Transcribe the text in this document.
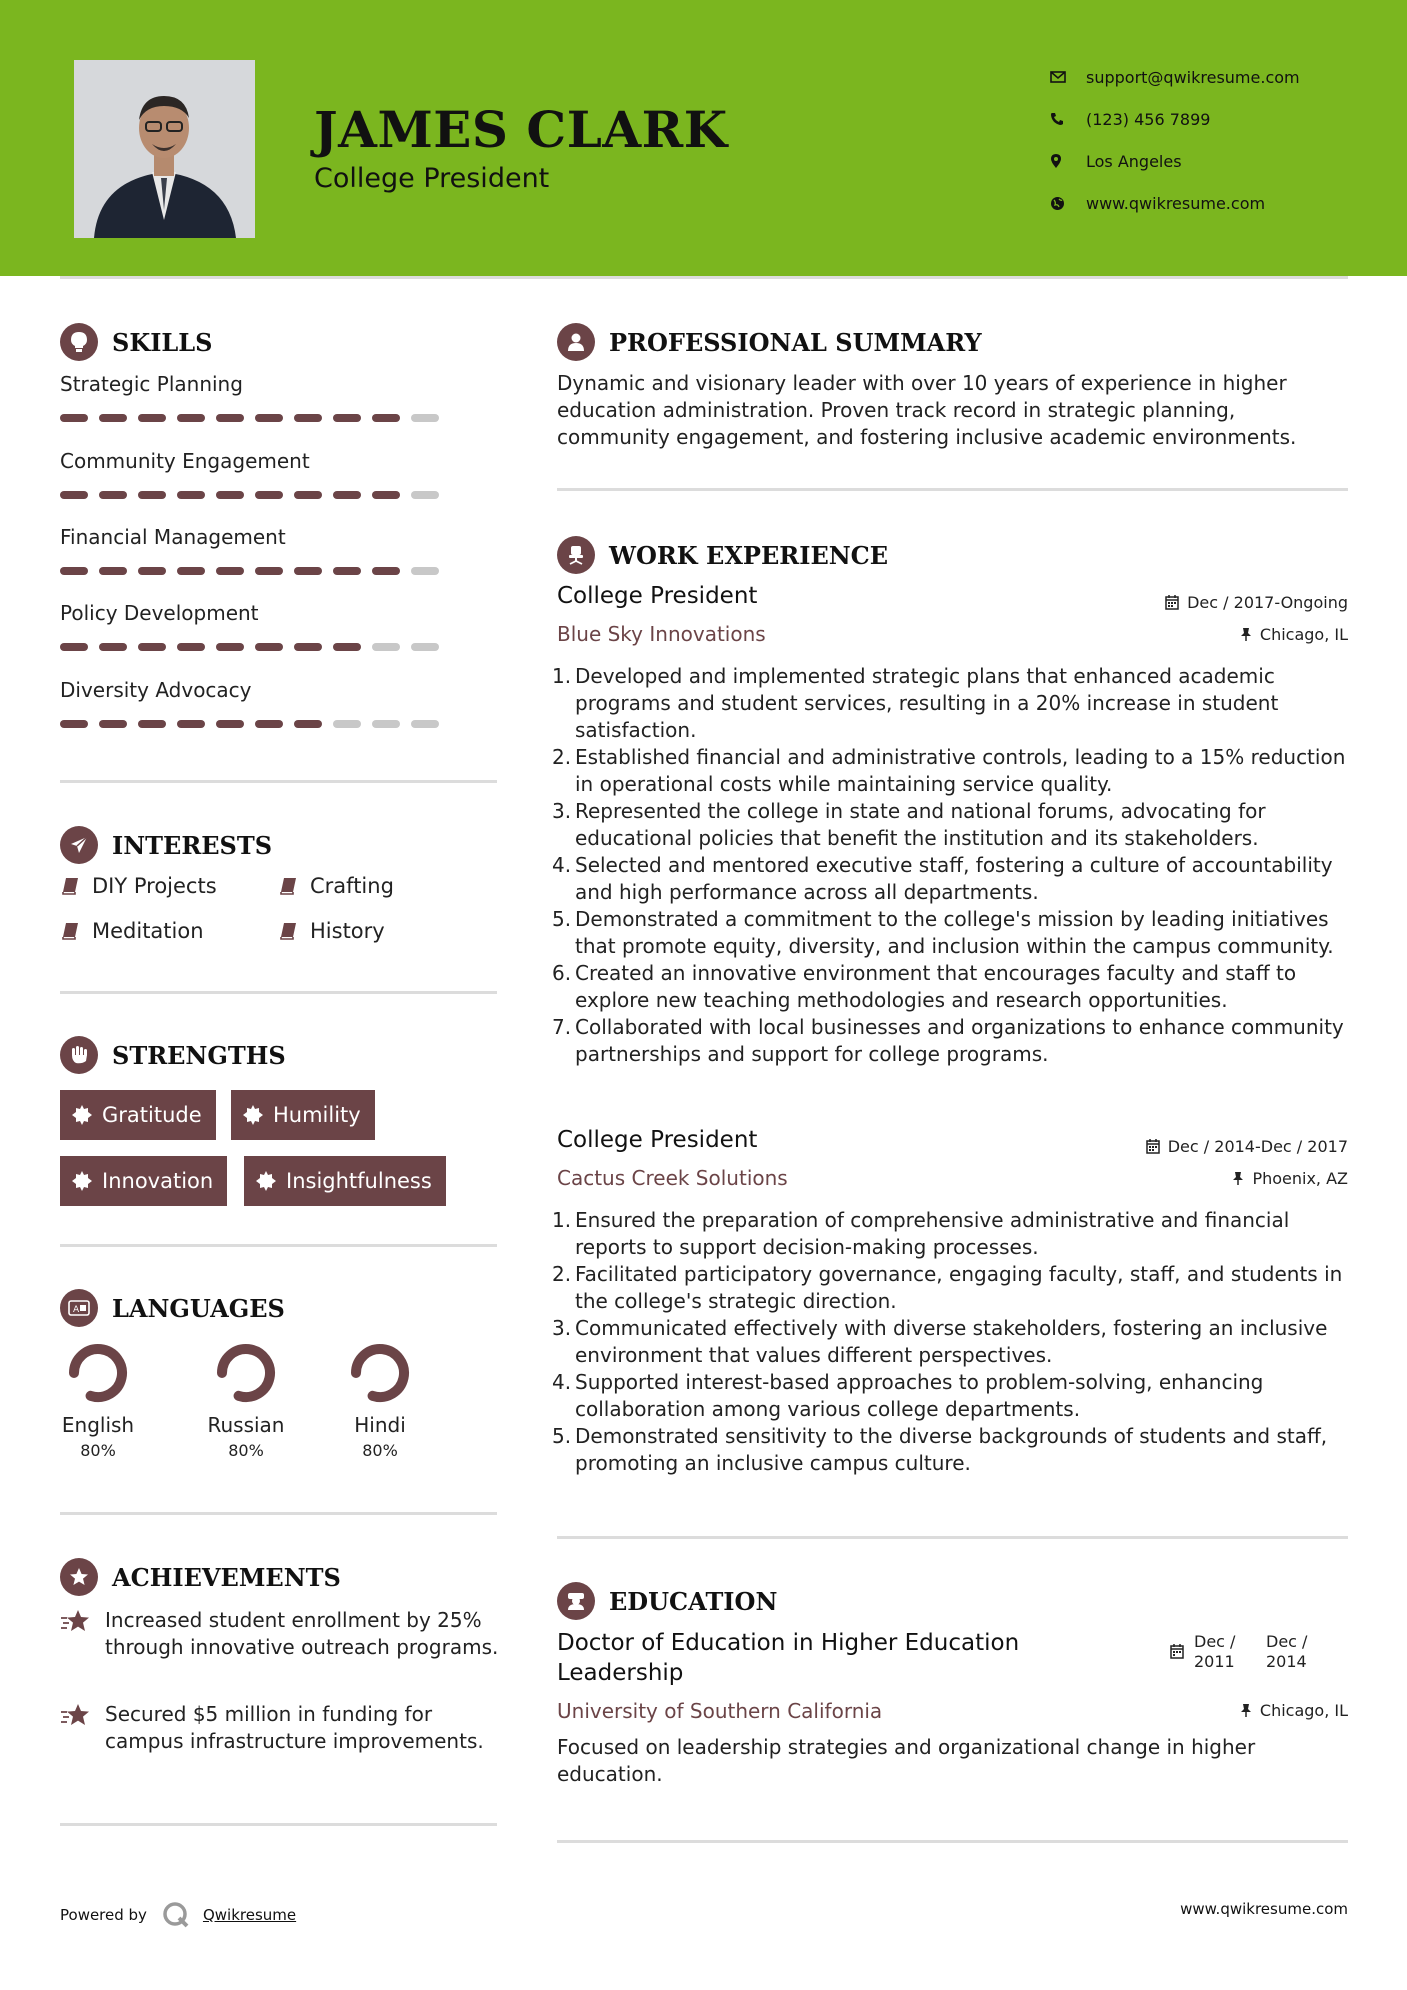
JAMES CLARK
College President
support@qwikresume.com
(123) 456 7899
Los Angeles
www.qwikresume.com
SKILLS
Strategic Planning
Community Engagement
Financial Management
Policy Development
Diversity Advocacy
INTERESTS
DIY Projects	Crafting
Meditation	History
STRENGTHS
Gratitude	Humility
Innovation	Insightfulness
A LANGUAGES
English
80%
Russian
80%
Hindi
80%
ACHIEVEMENTS
Increased student enrollment by 25% through innovative outreach programs.
Secured $5 million in funding for campus infrastructure improvements.
PROFESSIONAL SUMMARY
Dynamic and visionary leader with over 10 years of experience in higher education administration. Proven track record in strategic planning, community engagement, and fostering inclusive academic environments.
WORK EXPERIENCE
College President	Dec / 2017-Ongoing
Blue Sky Innovations	Chicago, IL
1. Developed and implemented strategic plans that enhanced academic programs and student services, resulting in a 20% increase in student satisfaction.
2. Established financial and administrative controls, leading to a 15% reduction in operational costs while maintaining service quality.
3. Represented the college in state and national forums, advocating for educational policies that benefit the institution and its stakeholders.
4. Selected and mentored executive staff, fostering a culture of accountability and high performance across all departments.
5. Demonstrated a commitment to the college's mission by leading initiatives that promote equity, diversity, and inclusion within the campus community.
6. Created an innovative environment that encourages faculty and staff to explore new teaching methodologies and research opportunities.
7. Collaborated with local businesses and organizations to enhance community partnerships and support for college programs.
College President	Dec / 2014-Dec / 2017
Cactus Creek Solutions	Phoenix, AZ
1. Ensured the preparation of comprehensive administrative and financial reports to support decision-making processes.
2. Facilitated participatory governance, engaging faculty, staff, and students in the college's strategic direction.
3. Communicated effectively with diverse stakeholders, fostering an inclusive environment that values different perspectives.
4. Supported interest-based approaches to problem-solving, enhancing collaboration among various college departments.
5. Demonstrated sensitivity to the diverse backgrounds of students and staff, promoting an inclusive campus culture.
EDUCATION
Doctor of Education in Higher Education Leadership
Dec / 2011
Dec / 2014
University of Southern California	Chicago, IL
Focused on leadership strategies and organizational change in higher education.
Powered by	Qwikresume	www.qwikresume.com
